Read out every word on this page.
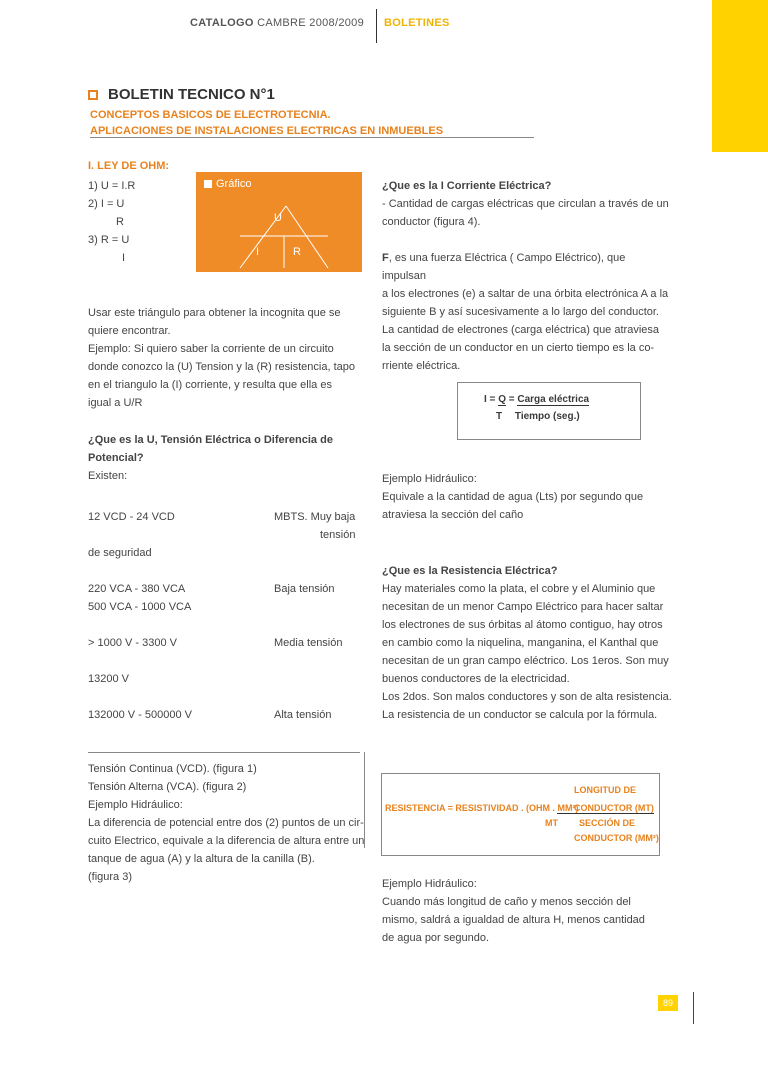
CATALOGO CAMBRE 2008/2009 BOLETINES
BOLETIN TECNICO N°1
CONCEPTOS BASICOS DE ELECTROTECNIA.
APLICACIONES DE INSTALACIONES ELECTRICAS EN INMUEBLES
I. LEY DE OHM:
1) U = I.R
2) I = U
R
3) R = U
I
Gráfico
U
I	R
Usar este triángulo para obtener la incognita que se
quiere encontrar.
Ejemplo: Si quiero saber la corriente de un circuito
donde conozco la (U) Tension y la (R) resistencia, tapo
en el triangulo la (I) corriente, y resulta que ella es
igual a U/R
¿Que es la U, Tensión Eléctrica o Diferencia de
Potencial?
Existen:
12 VCD - 24 VCD	MBTS. Muy baja
tensión
de seguridad
220 VCA - 380 VCA	Baja tensión
500 VCA - 1000 VCA
> 1000 V - 3300 V	Media tensión
13200 V
132000 V - 500000 V	Alta tensión
Tensión Continua (VCD). (figura 1)
Tensión Alterna (VCA). (figura 2)
Ejemplo Hidráulico:
La diferencia de potencial entre dos (2) puntos de un cir-
cuito Electrico, equivale a la diferencia de altura entre un
tanque de agua (A) y la altura de la canilla (B).
(figura 3)
¿Que es la I Corriente Eléctrica?
- Cantidad de cargas eléctricas que circulan a través de un
conductor (figura 4).
F, es una fuerza Eléctrica ( Campo Eléctrico), que impulsan
a los electrones (e) a saltar de una órbita electrónica A a la
siguiente B y así sucesivamente a lo largo del conductor.
La cantidad de electrones (carga eléctrica) que atraviesa
la sección de un conductor en un cierto tiempo es la co-
rriente eléctrica.
I = Q = Carga eléctrica
T Tiempo (seg.)
Ejemplo Hidráulico:
Equivale a la cantidad de agua (Lts) por segundo que
atraviesa la sección del caño
¿Que es la Resistencia Eléctrica?
Hay materiales como la plata, el cobre y el Aluminio que
necesitan de un menor Campo Eléctrico para hacer saltar
los electrones de sus órbitas al átomo contiguo, hay otros
en cambio como la niquelina, manganina, el Kanthal que
necesitan de un gran campo eléctrico. Los 1eros. Son muy
buenos conductores de la electricidad.
Los 2dos. Son malos conductores y son de alta resistencia.
La resistencia de un conductor se calcula por la fórmula.
LONGITUD DE
RESISTENCIA = RESISTIVIDAD . (OHM . MM²)
CONDUCTOR (MT)
MT SECCIÓN DE
CONDUCTOR (MM²)
Ejemplo Hidráulico:
Cuando más longitud de caño y menos sección del
mismo, saldrá a igualdad de altura H, menos cantidad
de agua por segundo.
89
